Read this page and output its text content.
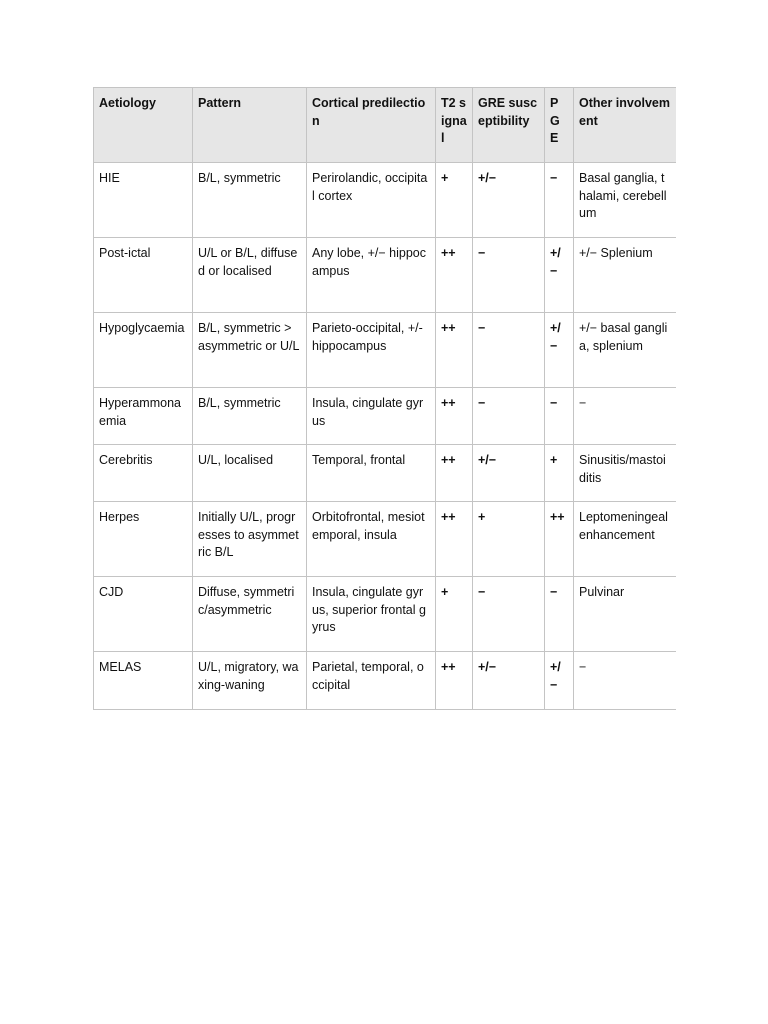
Aetiology	Pattern	Cortical predilection	T2 signal	GRE susceptibility	PGE	Other involvement
HIE	B/L, symmetric	Perirolandic, occipital cortex	+	+/−	−	Basal ganglia, thalami, cerebellum
Post-ictal	U/L or B/L, diffused or localised	Any lobe, +/− hippocampus	++	−	+/−	+/− Splenium
Hypoglycaemia	B/L, symmetric > asymmetric or U/L	Parieto-occipital, +/- hippocampus	++	−	+/−	+/− basal ganglia, splenium
Hyperammonaemia	B/L, symmetric	Insula, cingulate gyrus	++	−	−	−
Cerebritis	U/L, localised	Temporal, frontal	++	+/−	+	Sinusitis/mastoiditis
Herpes	Initially U/L, progresses to asymmetric B/L	Orbitofrontal, mesiotemporal, insula	++	+	++	Leptomeningeal enhancement
CJD	Diffuse, symmetric/asymmetric	Insula, cingulate gyrus, superior frontal gyrus	+	−	−	Pulvinar
MELAS	U/L, migratory, waxing-waning	Parietal, temporal, occipital	++	+/−	+/−	−
